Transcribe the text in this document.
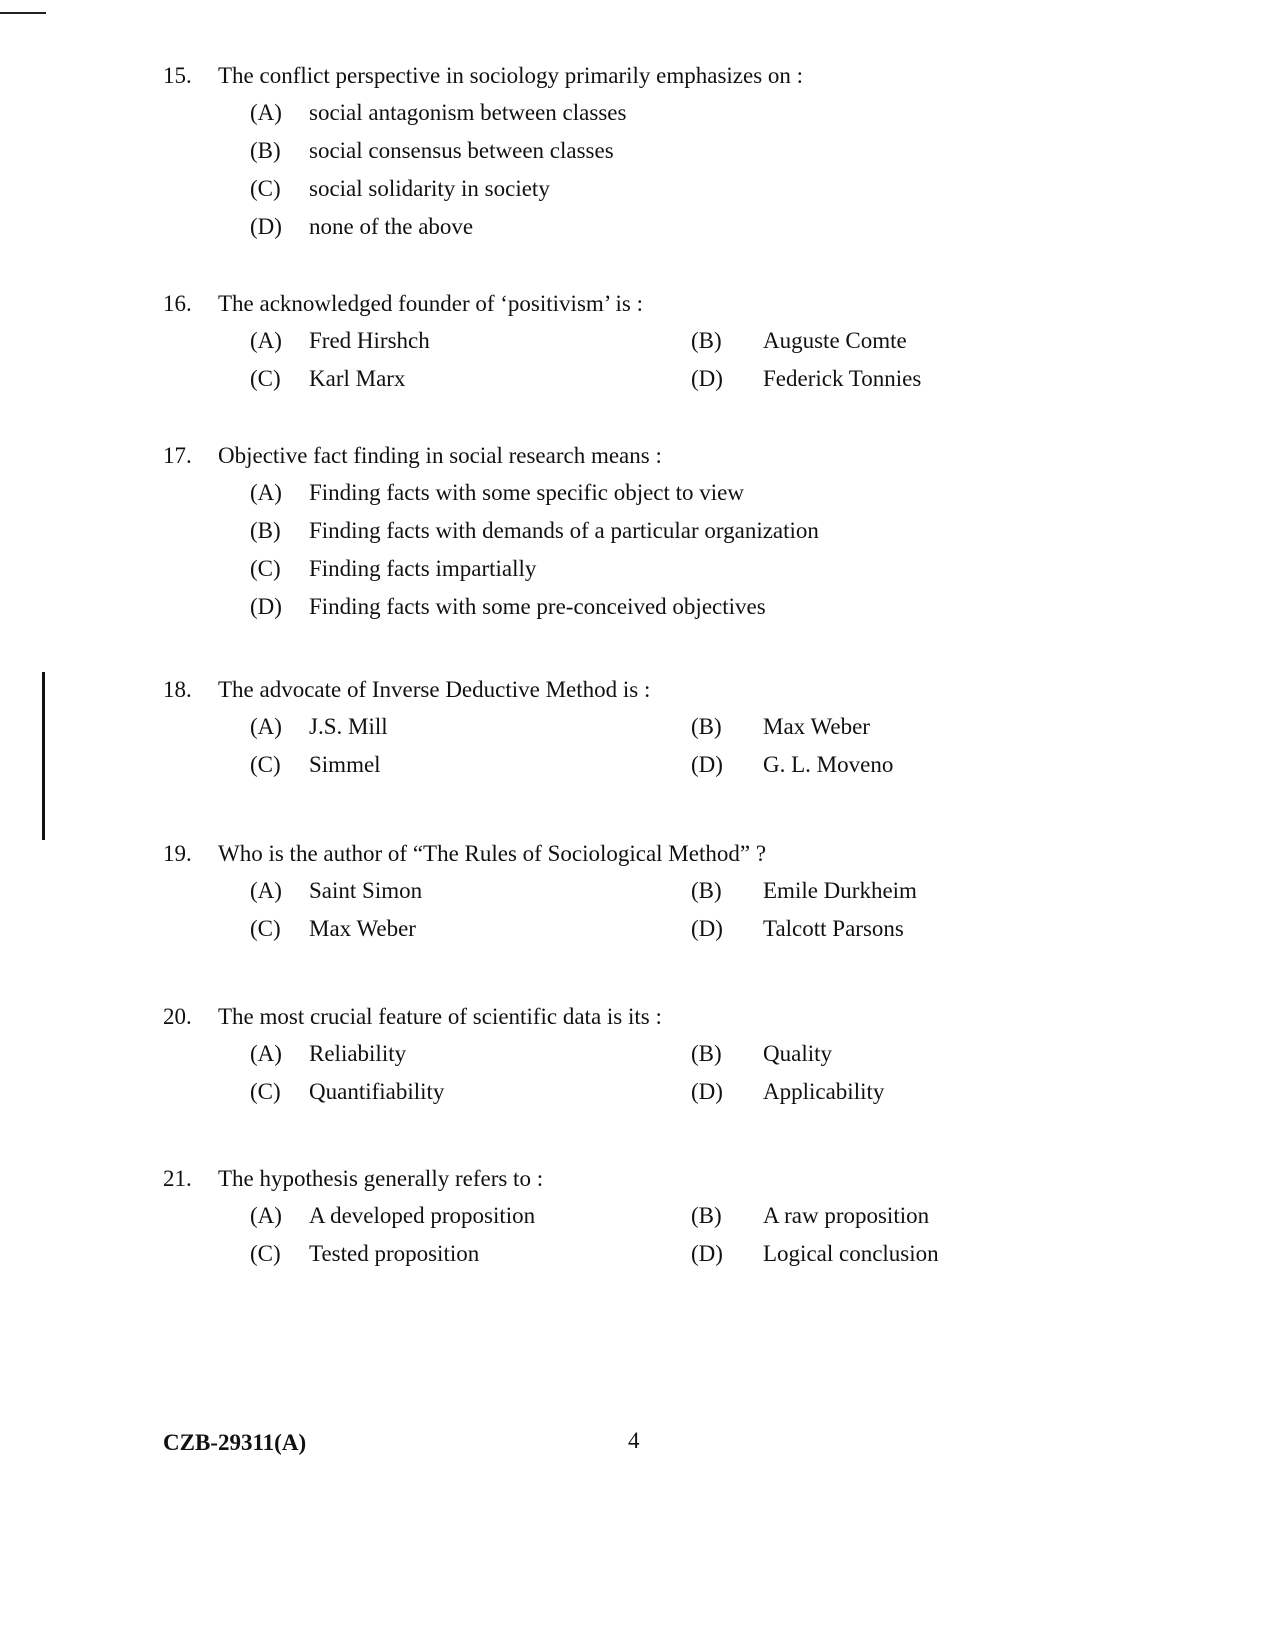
15. The conflict perspective in sociology primarily emphasizes on :
(A) social antagonism between classes
(B) social consensus between classes
(C) social solidarity in society
(D) none of the above
16. The acknowledged founder of ‘positivism’ is :
(A) Fred Hirshch	(B) Auguste Comte
(C) Karl Marx	(D) Federick Tonnies
17. Objective fact finding in social research means :
(A) Finding facts with some specific object to view
(B) Finding facts with demands of a particular organization
(C) Finding facts impartially
(D) Finding facts with some pre-conceived objectives
18. The advocate of Inverse Deductive Method is :
(A) J.S. Mill	(B) Max Weber
(C) Simmel	(D) G. L. Moveno
19. Who is the author of “The Rules of Sociological Method” ?
(A) Saint Simon	(B) Emile Durkheim
(C) Max Weber	(D) Talcott Parsons
20. The most crucial feature of scientific data is its :
(A) Reliability	(B) Quality
(C) Quantifiability	(D) Applicability
21. The hypothesis generally refers to :
(A) A developed proposition	(B) A raw proposition
(C) Tested proposition	(D) Logical conclusion
CZB-29311(A)	4
